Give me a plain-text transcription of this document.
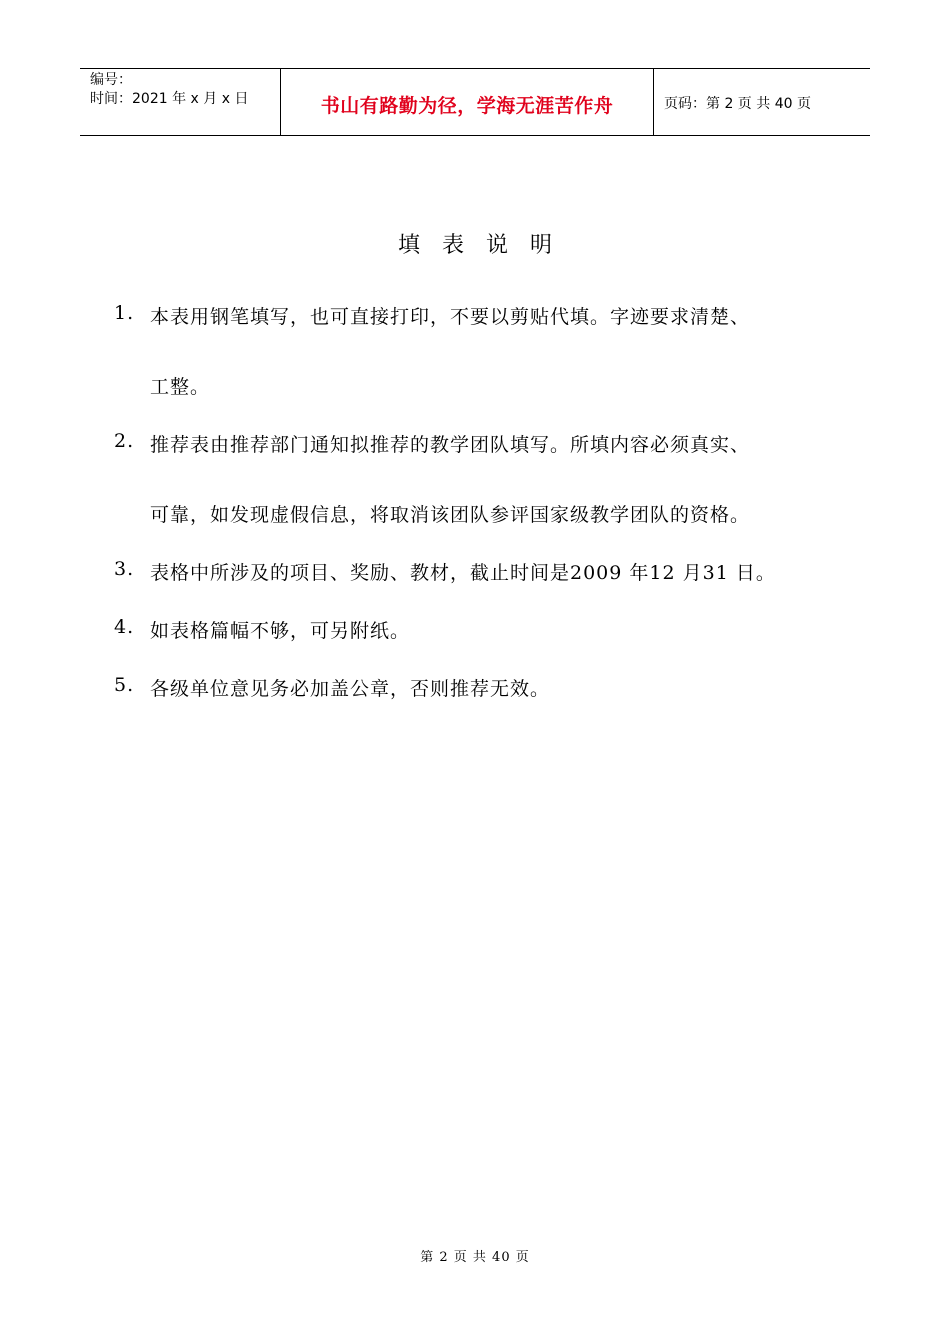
编号：
时间：2021 年 x 月 x 日	书山有路勤为径，学海无涯苦作舟	页码：第 2 页 共 40 页
填表说明
1. 本表用钢笔填写，也可直接打印，不要以剪贴代填。字迹要求清楚、
工整。
2. 推荐表由推荐部门通知拟推荐的教学团队填写。所填内容必须真实、
可靠，如发现虚假信息，将取消该团队参评国家级教学团队的资格。
3. 表格中所涉及的项目、奖励、教材，截止时间是2009 年12 月31 日。
4. 如表格篇幅不够，可另附纸。
5. 各级单位意见务必加盖公章，否则推荐无效。
第 2 页 共 40 页
